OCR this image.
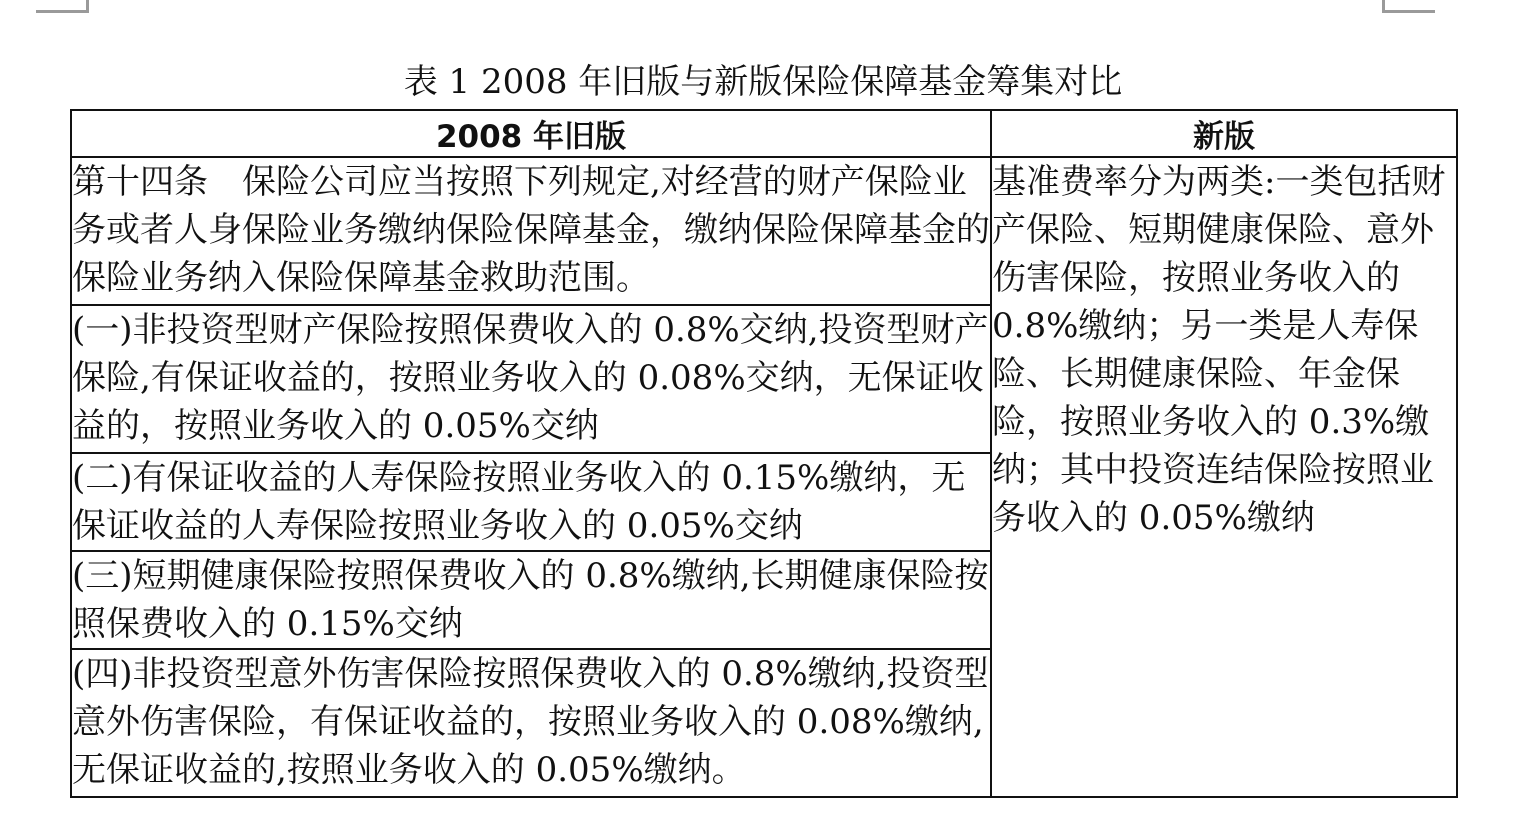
表 1 2008 年旧版与新版保险保障基金筹集对比
2008 年旧版	新版
第十四条　保险公司应当按照下列规定,对经营的财产保险业务或者人身保险业务缴纳保险保障基金，缴纳保险保障基金的保险业务纳入保险保障基金救助范围。	基准费率分为两类:一类包括财产保险、短期健康保险、意外伤害保险，按照业务收入的 0.8%缴纳；另一类是人寿保险、长期健康保险、年金保险，按照业务收入的 0.3%缴纳；其中投资连结保险按照业务收入的 0.05%缴纳
(一)非投资型财产保险按照保费收入的 0.8%交纳,投资型财产保险,有保证收益的，按照业务收入的 0.08%交纳，无保证收益的，按照业务收入的 0.05%交纳	
(二)有保证收益的人寿保险按照业务收入的 0.15%缴纳，无保证收益的人寿保险按照业务收入的 0.05%交纳	
(三)短期健康保险按照保费收入的 0.8%缴纳,长期健康保险按照保费收入的 0.15%交纳	
(四)非投资型意外伤害保险按照保费收入的 0.8%缴纳,投资型意外伤害保险，有保证收益的，按照业务收入的 0.08%缴纳,无保证收益的,按照业务收入的 0.05%缴纳。	
